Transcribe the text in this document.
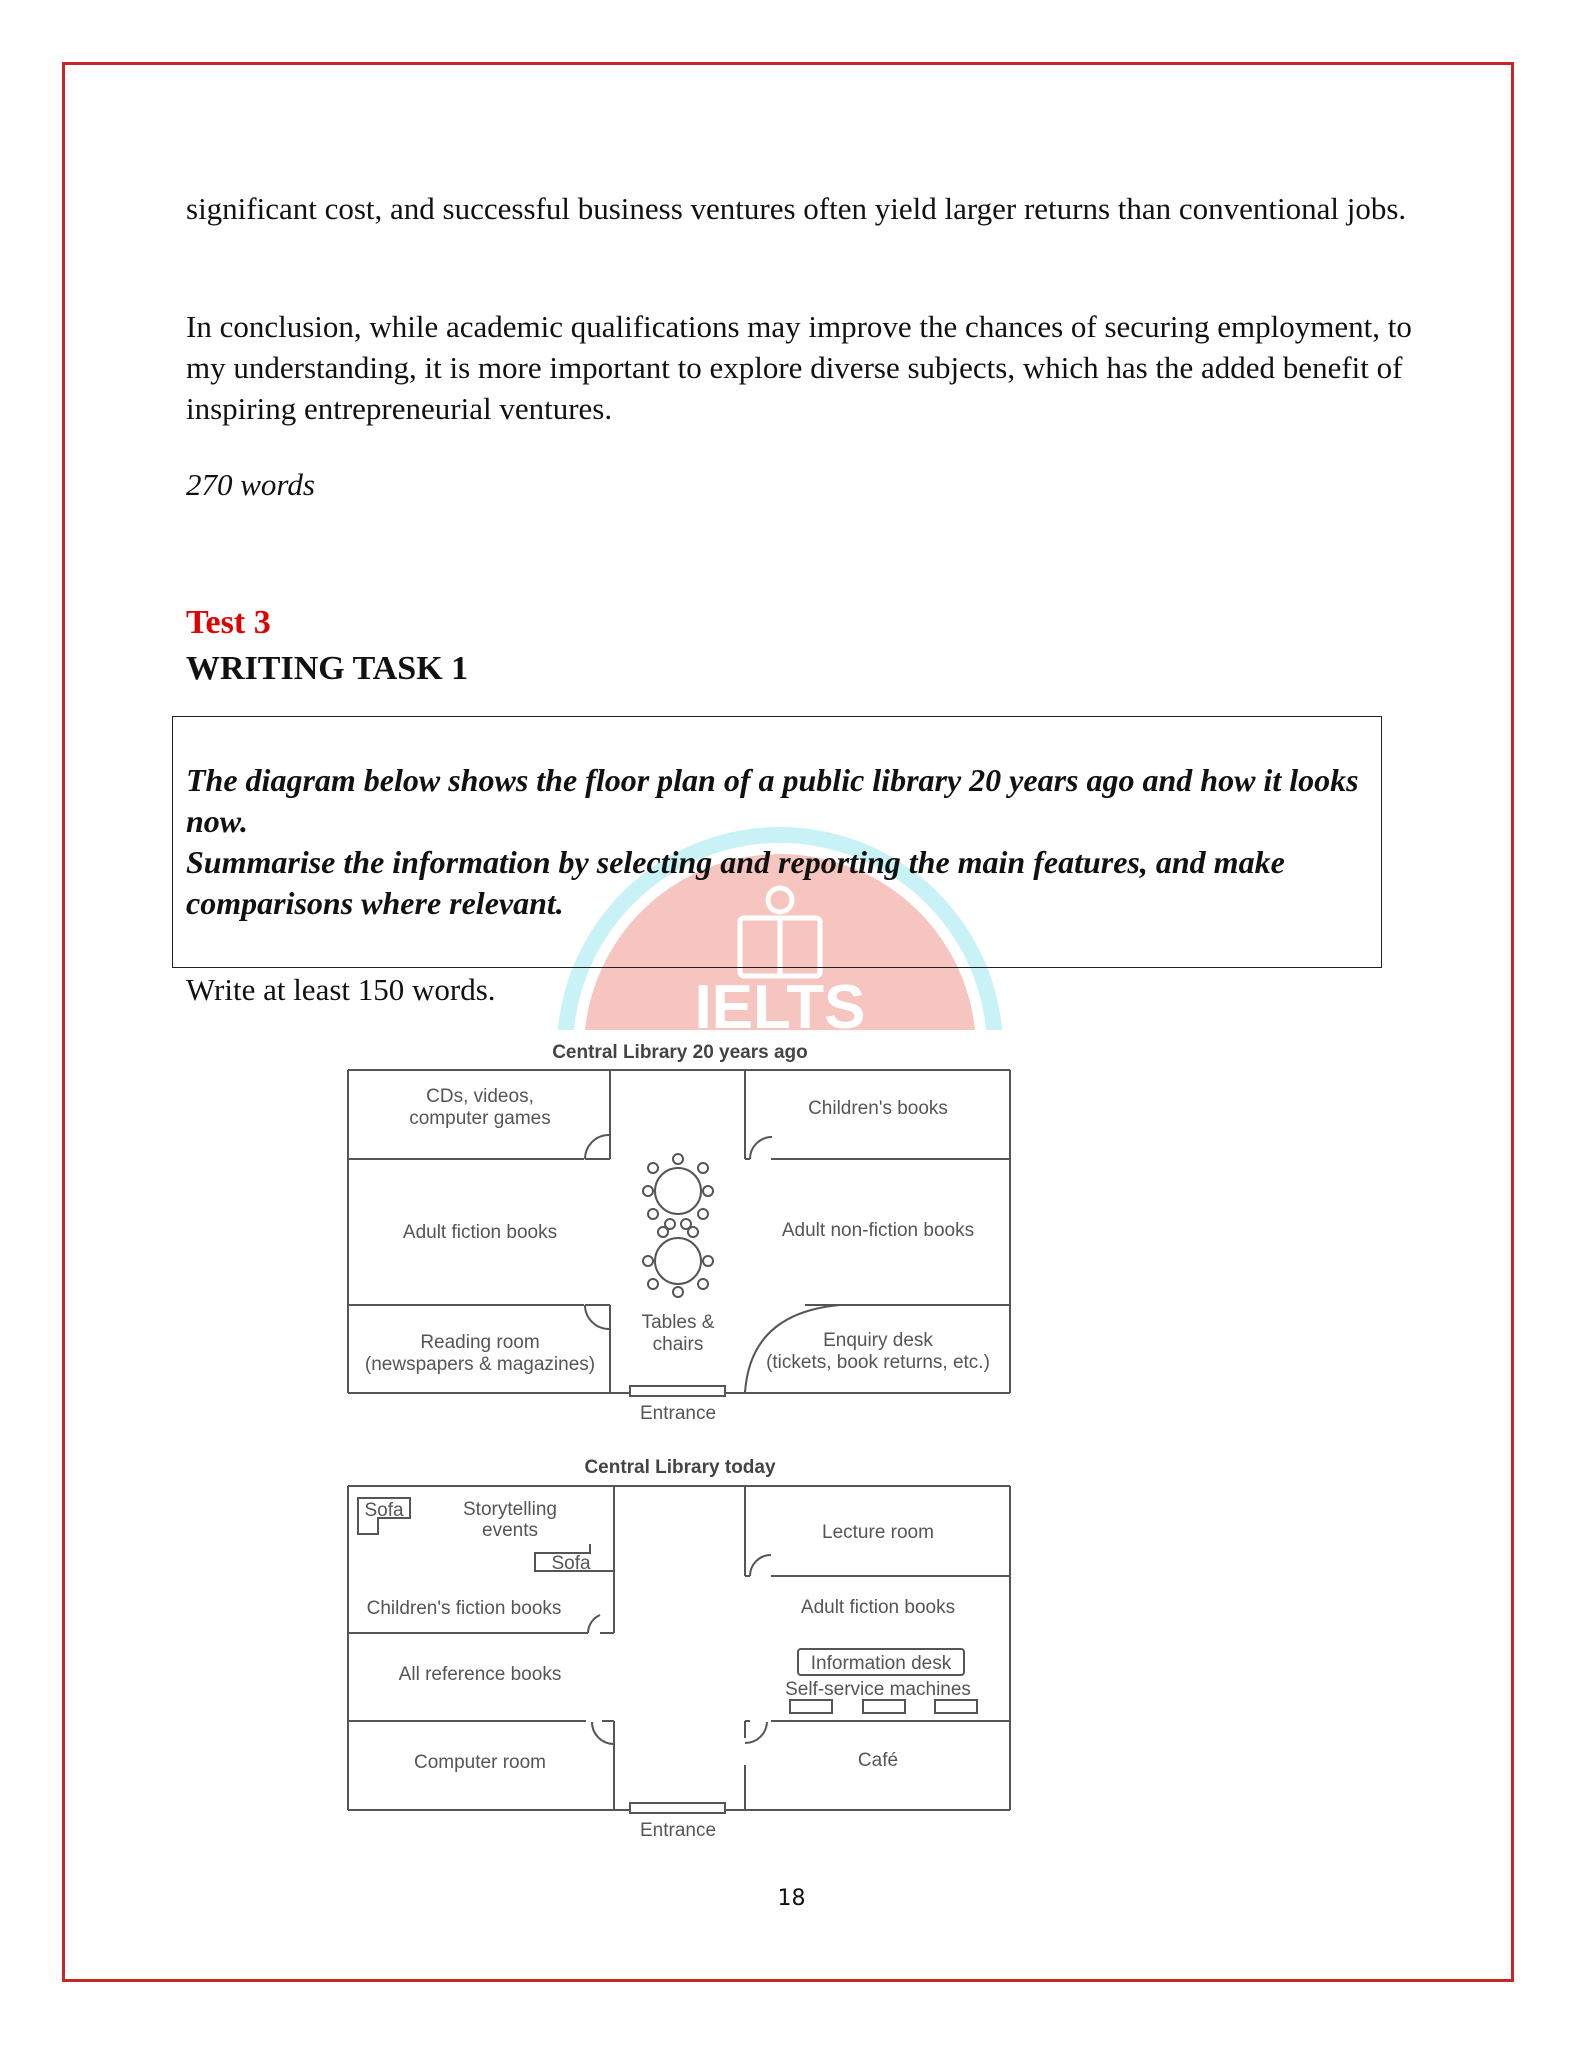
significant cost, and successful business ventures often yield larger returns than conventional jobs.

In conclusion, while academic qualifications may improve the chances of securing employment, to my understanding, it is more important to explore diverse subjects, which has the added benefit of inspiring entrepreneurial ventures.

270 words

Test 3

WRITING TASK 1

IELTS

The diagram below shows the floor plan of a public library 20 years ago and how it looks now.
Summarise the information by selecting and reporting the main features, and make comparisons where relevant.

Write at least 150 words.

Central Library 20 years ago
CDs, videos,
computer games	Children's books
Adult fiction books	Adult non-fiction books
Tables &
chairs
Reading room
(newspapers & magazines)
Enquiry desk
(tickets, book returns, etc.)
Entrance
Central Library today
Sofa	Storytelling
events
Sofa
Children's fiction books
All reference books
Lecture room
Adult fiction books
Information desk
Self-service machines
Computer room	Café
Entrance
18
